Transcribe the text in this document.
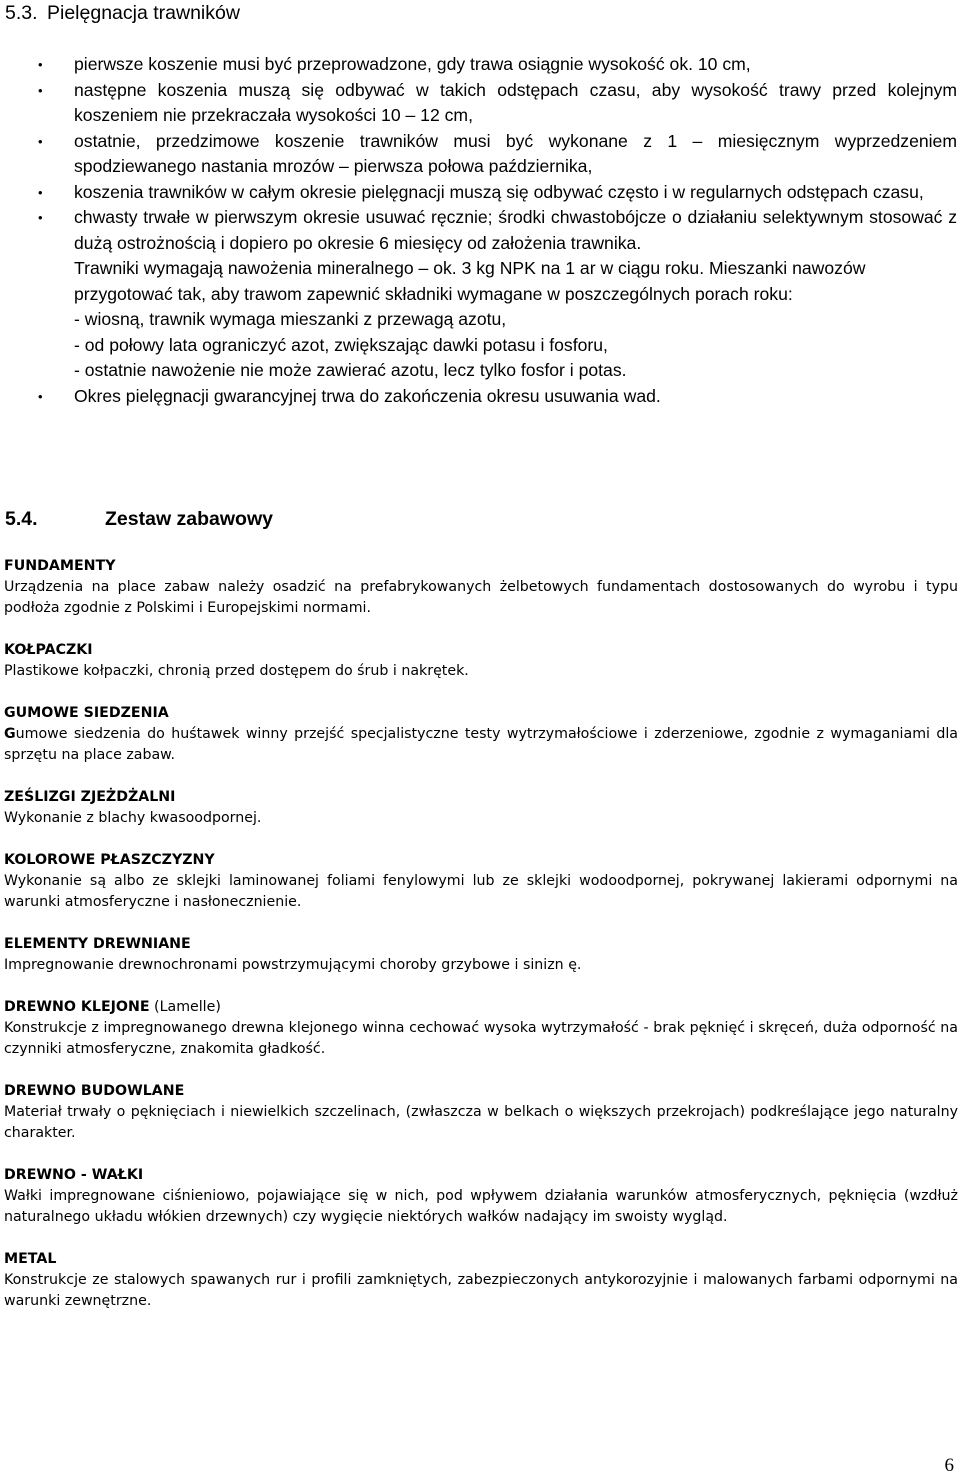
5.3. Pielęgnacja trawników
• pierwsze koszenie musi być przeprowadzone, gdy trawa osiągnie wysokość ok. 10 cm,
• następne koszenia muszą się odbywać w takich odstępach czasu, aby wysokość trawy przed kolejnym koszeniem nie przekraczała wysokości 10 – 12 cm,
• ostatnie, przedzimowe koszenie trawników musi być wykonane z 1 – miesięcznym wyprzedzeniem spodziewanego nastania mrozów – pierwsza połowa października,
• koszenia trawników w całym okresie pielęgnacji muszą się odbywać często i w regularnych odstępach czasu,
• chwasty trwałe w pierwszym okresie usuwać ręcznie; środki chwastobójcze o działaniu selektywnym stosować z dużą ostrożnością i dopiero po okresie 6 miesięcy od założenia trawnika.
Trawniki wymagają nawożenia mineralnego – ok. 3 kg NPK na 1 ar w ciągu roku. Mieszanki nawozów przygotować tak, aby trawom zapewnić składniki wymagane w poszczególnych porach roku:
- wiosną, trawnik wymaga mieszanki z przewagą azotu,
- od połowy lata ograniczyć azot, zwiększając dawki potasu i fosforu,
- ostatnie nawożenie nie może zawierać azotu, lecz tylko fosfor i potas.
• Okres pielęgnacji gwarancyjnej trwa do zakończenia okresu usuwania wad.
5.4.	Zestaw zabawowy
FUNDAMENTY
Urządzenia na place zabaw należy osadzić na prefabrykowanych żelbetowych fundamentach dostosowanych do wyrobu i typu podłoża zgodnie z Polskimi i Europejskimi normami.
KOŁPACZKI
Plastikowe kołpaczki, chronią przed dostępem do śrub i nakrętek.
GUMOWE SIEDZENIA
Gumowe siedzenia do huśtawek winny przejść specjalistyczne testy wytrzymałościowe i zderzeniowe, zgodnie z wymaganiami dla sprzętu na place zabaw.
ZEŚLIZGI ZJEŻDŻALNI
Wykonanie z blachy kwasoodpornej.
KOLOROWE PŁASZCZYZNY
Wykonanie są albo ze sklejki laminowanej foliami fenylowymi lub ze sklejki wodoodpornej, pokrywanej lakierami odpornymi na warunki atmosferyczne i nasłonecznienie.
ELEMENTY DREWNIANE
Impregnowanie drewnochronami powstrzymującymi choroby grzybowe i sinizn ę.
DREWNO KLEJONE (Lamelle)
Konstrukcje z impregnowanego drewna klejonego winna cechować wysoka wytrzymałość - brak pęknięć i skręceń, duża odporność na czynniki atmosferyczne, znakomita gładkość.
DREWNO BUDOWLANE
Materiał trwały o pęknięciach i niewielkich szczelinach, (zwłaszcza w belkach o większych przekrojach) podkreślające jego naturalny charakter.
DREWNO - WAŁKI
Wałki impregnowane ciśnieniowo, pojawiające się w nich, pod wpływem działania warunków atmosferycznych, pęknięcia (wzdłuż naturalnego układu włókien drzewnych) czy wygięcie niektórych wałków nadający im swoisty wygląd.
METAL
Konstrukcje ze stalowych spawanych rur i profili zamkniętych, zabezpieczonych antykorozyjnie i malowanych farbami odpornymi na warunki zewnętrzne.
6
